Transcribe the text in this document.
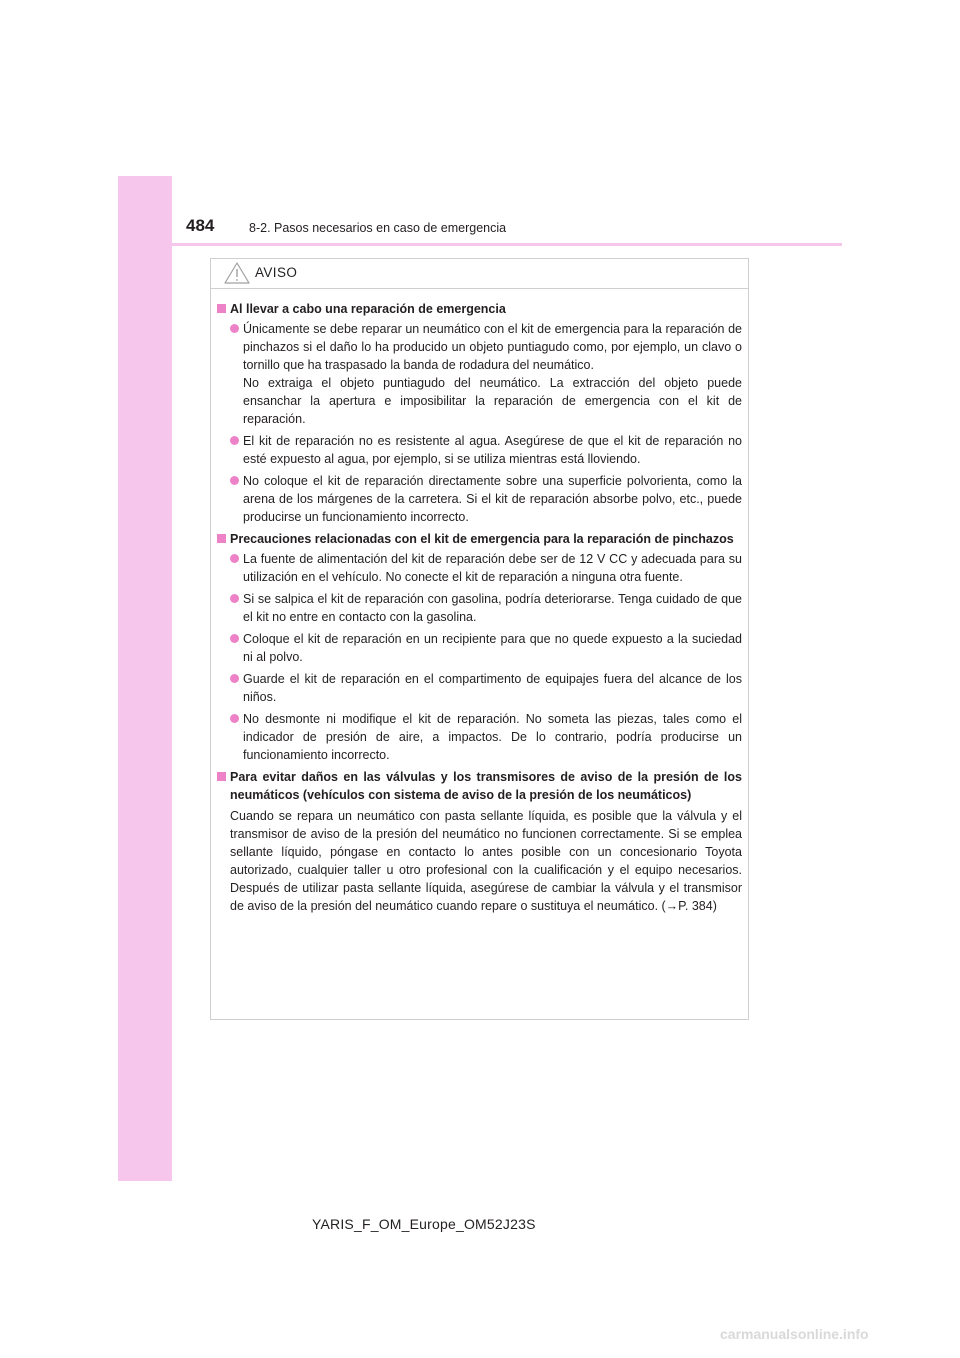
484	8-2. Pasos necesarios en caso de emergencia
AVISO
Al llevar a cabo una reparación de emergencia
Únicamente se debe reparar un neumático con el kit de emergencia para la reparación de pinchazos si el daño lo ha producido un objeto puntiagudo como, por ejemplo, un clavo o tornillo que ha traspasado la banda de rodadura del neumático.
No extraiga el objeto puntiagudo del neumático. La extracción del objeto puede ensanchar la apertura e imposibilitar la reparación de emergencia con el kit de reparación.
El kit de reparación no es resistente al agua. Asegúrese de que el kit de reparación no esté expuesto al agua, por ejemplo, si se utiliza mientras está lloviendo.
No coloque el kit de reparación directamente sobre una superficie polvorienta, como la arena de los márgenes de la carretera. Si el kit de reparación absorbe polvo, etc., puede producirse un funcionamiento incorrecto.
Precauciones relacionadas con el kit de emergencia para la reparación de pinchazos
La fuente de alimentación del kit de reparación debe ser de 12 V CC y adecuada para su utilización en el vehículo. No conecte el kit de reparación a ninguna otra fuente.
Si se salpica el kit de reparación con gasolina, podría deteriorarse. Tenga cuidado de que el kit no entre en contacto con la gasolina.
Coloque el kit de reparación en un recipiente para que no quede expuesto a la suciedad ni al polvo.
Guarde el kit de reparación en el compartimento de equipajes fuera del alcance de los niños.
No desmonte ni modifique el kit de reparación. No someta las piezas, tales como el indicador de presión de aire, a impactos. De lo contrario, podría producirse un funcionamiento incorrecto.
Para evitar daños en las válvulas y los transmisores de aviso de la presión de los neumáticos (vehículos con sistema de aviso de la presión de los neumáticos)
Cuando se repara un neumático con pasta sellante líquida, es posible que la válvula y el transmisor de aviso de la presión del neumático no funcionen correctamente. Si se emplea sellante líquido, póngase en contacto lo antes posible con un concesionario Toyota autorizado, cualquier taller u otro profesional con la cualificación y el equipo necesarios. Después de utilizar pasta sellante líquida, asegúrese de cambiar la válvula y el transmisor de aviso de la presión del neumático cuando repare o sustituya el neumático. (→P. 384)
YARIS_F_OM_Europe_OM52J23S
carmanualsonline.info
